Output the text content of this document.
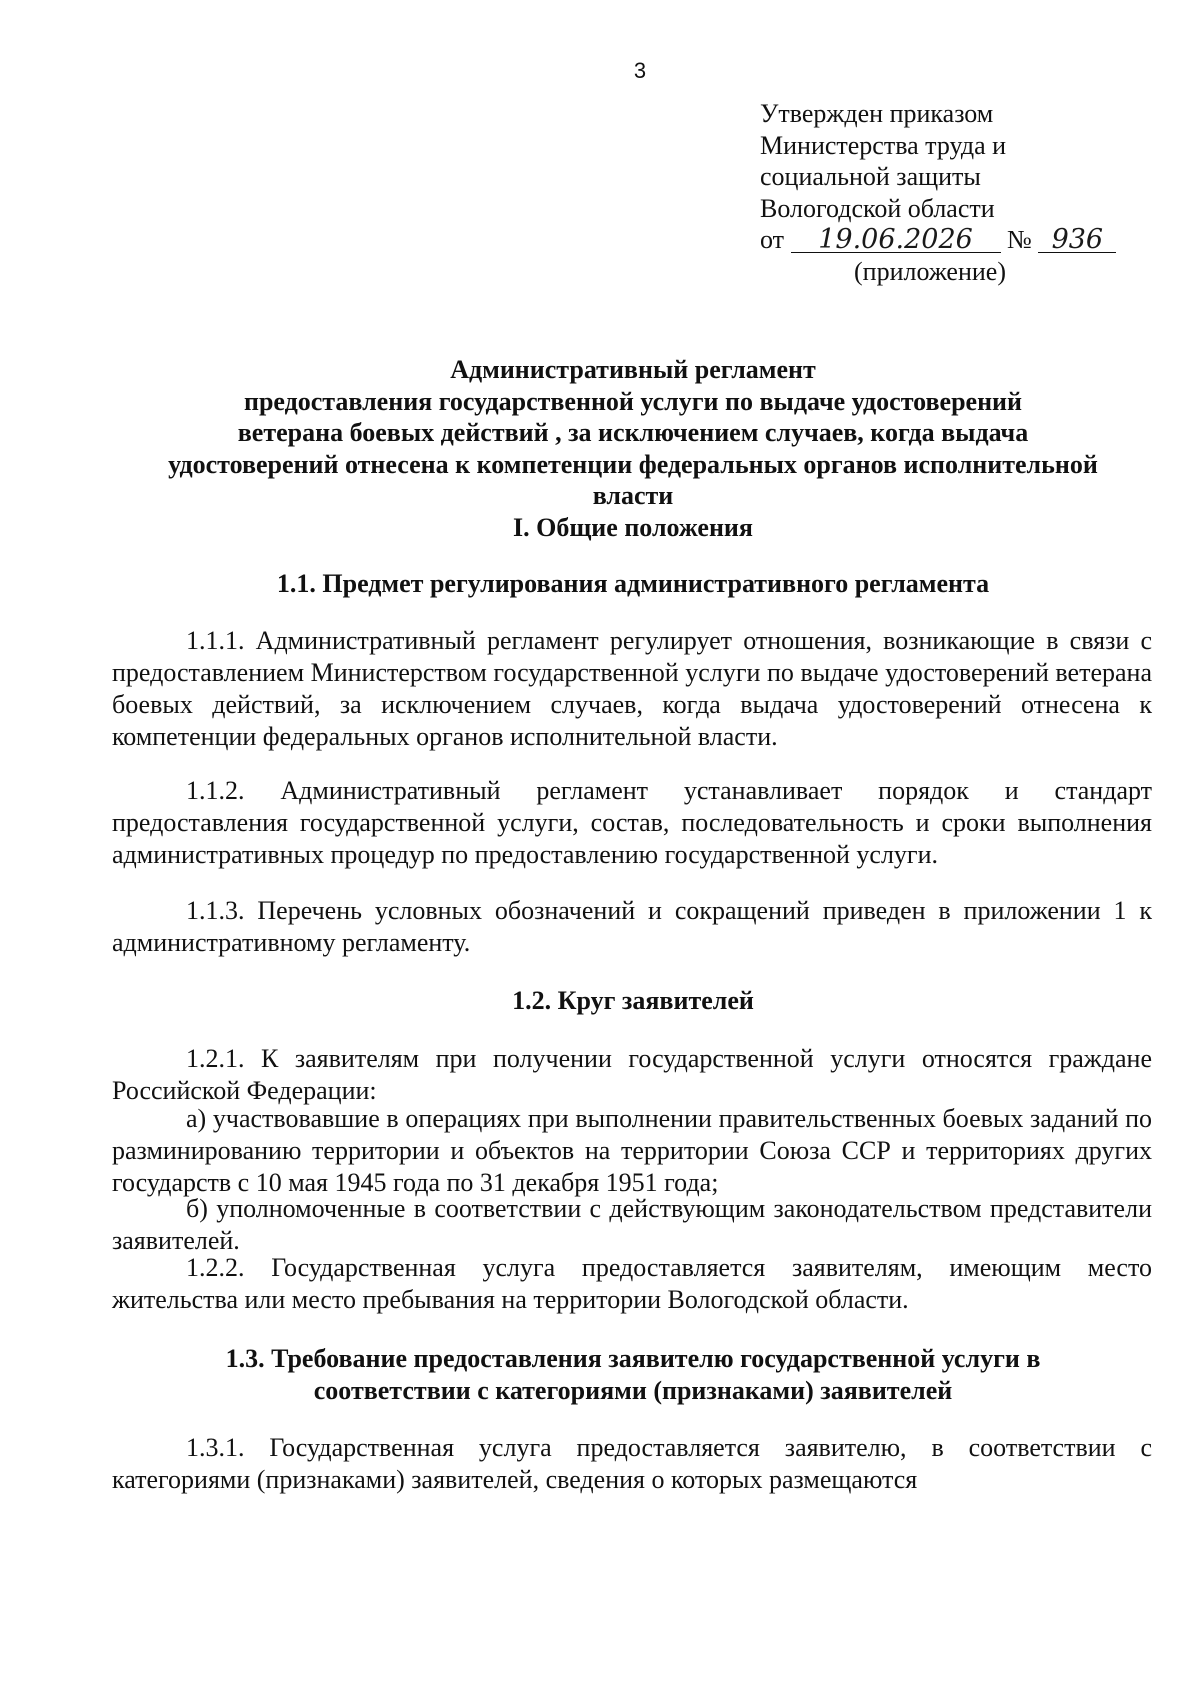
3
Утвержден приказом
Министерства труда и
социальной защиты
Вологодской области
от 19.06.2026 № 936
(приложение)
Административный регламент
предоставления государственной услуги по выдаче удостоверений
ветерана боевых действий , за исключением случаев, когда выдача
удостоверений отнесена к компетенции федеральных органов исполнительной
власти
I. Общие положения
1.1. Предмет регулирования административного регламента
1.1.1. Административный регламент регулирует отношения, возникающие в связи с предоставлением Министерством государственной услуги по выдаче удостоверений ветерана боевых действий, за исключением случаев, когда выдача удостоверений отнесена к компетенции федеральных органов исполнительной власти.
1.1.2. Административный регламент устанавливает порядок и стандарт предоставления государственной услуги, состав, последовательность и сроки выполнения административных процедур по предоставлению государственной услуги.
1.1.3. Перечень условных обозначений и сокращений приведен в приложении 1 к административному регламенту.
1.2. Круг заявителей
1.2.1. К заявителям при получении государственной услуги относятся граждане Российской Федерации:
а) участвовавшие в операциях при выполнении правительственных боевых заданий по разминированию территории и объектов на территории Союза ССР и территориях других государств с 10 мая 1945 года по 31 декабря 1951 года;
б) уполномоченные в соответствии с действующим законодательством представители заявителей.
1.2.2. Государственная услуга предоставляется заявителям, имеющим место жительства или место пребывания на территории Вологодской области.
1.3. Требование предоставления заявителю государственной услуги в
соответствии с категориями (признаками) заявителей
1.3.1. Государственная услуга предоставляется заявителю, в соответствии с категориями (признаками) заявителей, сведения о которых размещаются
